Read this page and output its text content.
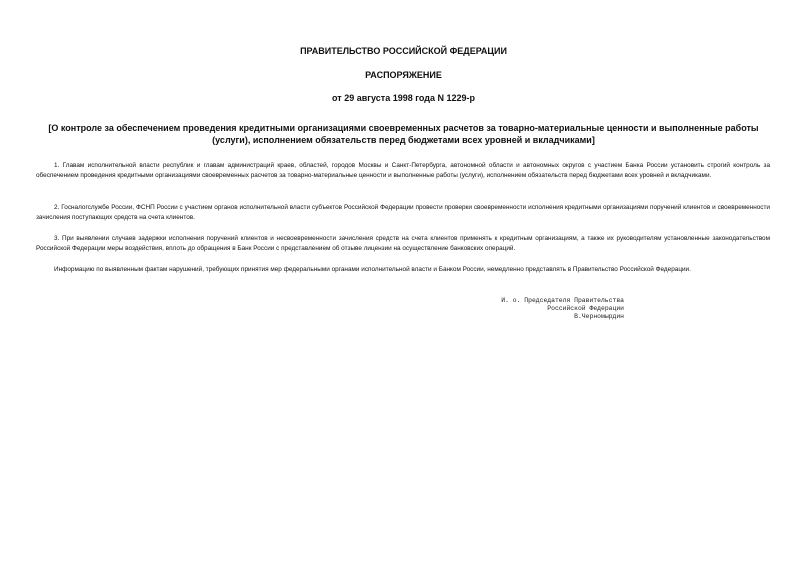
ПРАВИТЕЛЬСТВО РОССИЙСКОЙ ФЕДЕРАЦИИ
РАСПОРЯЖЕНИЕ
от 29 августа 1998 года N 1229-р
[О контроле за обеспечением проведения кредитными организациями своевременных расчетов за товарно-материальные ценности и выполненные работы (услуги), исполнением обязательств перед бюджетами всех уровней и вкладчиками]

1. Главам исполнительной власти республик и главам администраций краев, областей, городов Москвы и Санкт-Петербурга, автономной области и автономных округов с участием Банка России установить строгий контроль за обеспечением проведения кредитными организациями своевременных расчетов за товарно-материальные ценности и выполненные работы (услуги), исполнением обязательств перед бюджетами всех уровней и вкладчиками.

2. Госналогслужбе России, ФСНП России с участием органов исполнительной власти субъектов Российской Федерации провести проверки своевременности исполнения кредитными организациями поручений клиентов и своевременности зачисления поступающих средств на счета клиентов.

3. При выявлении случаев задержки исполнения поручений клиентов и несвоевременности зачисления средств на счета клиентов применять к кредитным организациям, а также их руководителям установленные законодательством Российской Федерации меры воздействия, вплоть до обращения в Банк России с представлением об отзыве лицензии на осуществление банковских операций.

Информацию по выявленным фактам нарушений, требующих принятия мер федеральными органами исполнительной власти и Банком России, немедленно представлять в Правительство Российской Федерации.

И. о. Председателя Правительства
Российской Федерации
В.Черномырдин
